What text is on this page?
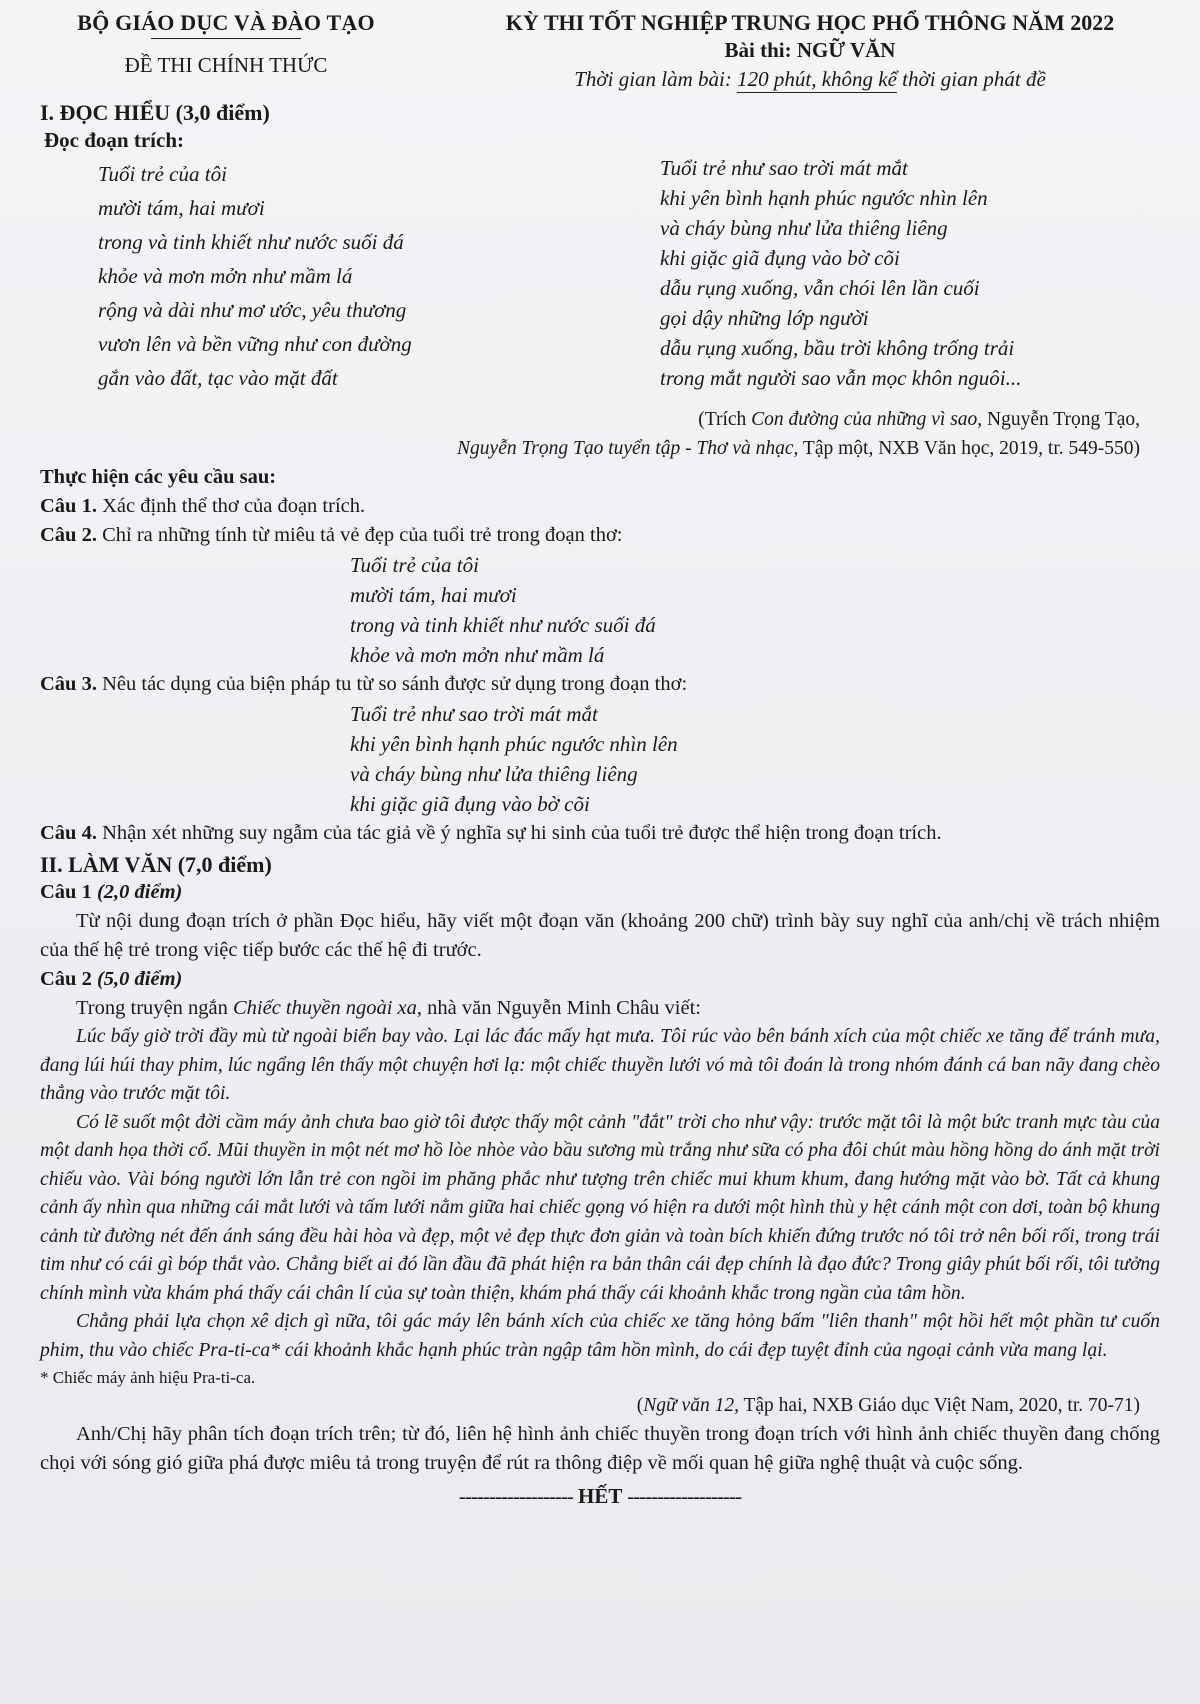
BỘ GIÁO DỤC VÀ ĐÀO TẠO
ĐỀ THI CHÍNH THỨC
KỲ THI TỐT NGHIỆP TRUNG HỌC PHỔ THÔNG NĂM 2022
Bài thi: NGỮ VĂN
Thời gian làm bài: 120 phút, không kể thời gian phát đề
I. ĐỌC HIỂU (3,0 điểm)
Đọc đoạn trích:
Tuổi trẻ của tôi
mười tám, hai mươi
trong và tinh khiết như nước suối đá
khỏe và mơn mởn như mầm lá
rộng và dài như mơ ước, yêu thương
vươn lên và bền vững như con đường
gắn vào đất, tạc vào mặt đất
Tuổi trẻ như sao trời mát mắt
khi yên bình hạnh phúc ngước nhìn lên
và cháy bùng như lửa thiêng liêng
khi giặc giã đụng vào bờ cõi
dẫu rụng xuống, vẫn chói lên lần cuối
gọi dậy những lớp người
dẫu rụng xuống, bầu trời không trống trải
trong mắt người sao vẫn mọc khôn nguôi...
(Trích Con đường của những vì sao, Nguyễn Trọng Tạo,
Nguyễn Trọng Tạo tuyển tập - Thơ và nhạc, Tập một, NXB Văn học, 2019, tr. 549-550)
Thực hiện các yêu cầu sau:
Câu 1. Xác định thể thơ của đoạn trích.
Câu 2. Chỉ ra những tính từ miêu tả vẻ đẹp của tuổi trẻ trong đoạn thơ:
Tuổi trẻ của tôi
mười tám, hai mươi
trong và tinh khiết như nước suối đá
khỏe và mơn mởn như mầm lá
Câu 3. Nêu tác dụng của biện pháp tu từ so sánh được sử dụng trong đoạn thơ:
Tuổi trẻ như sao trời mát mắt
khi yên bình hạnh phúc ngước nhìn lên
và cháy bùng như lửa thiêng liêng
khi giặc giã đụng vào bờ cõi
Câu 4. Nhận xét những suy ngẫm của tác giả về ý nghĩa sự hi sinh của tuổi trẻ được thể hiện trong đoạn trích.
II. LÀM VĂN (7,0 điểm)
Câu 1 (2,0 điểm)
Từ nội dung đoạn trích ở phần Đọc hiểu, hãy viết một đoạn văn (khoảng 200 chữ) trình bày suy nghĩ của anh/chị về trách nhiệm của thế hệ trẻ trong việc tiếp bước các thế hệ đi trước.
Câu 2 (5,0 điểm)
Trong truyện ngắn Chiếc thuyền ngoài xa, nhà văn Nguyễn Minh Châu viết:
Lúc bấy giờ trời đầy mù từ ngoài biển bay vào. Lại lác đác mấy hạt mưa. Tôi rúc vào bên bánh xích của một chiếc xe tăng để tránh mưa, đang lúi húi thay phim, lúc ngẩng lên thấy một chuyện hơi lạ: một chiếc thuyền lưới vó mà tôi đoán là trong nhóm đánh cá ban nãy đang chèo thẳng vào trước mặt tôi.
Có lẽ suốt một đời cầm máy ảnh chưa bao giờ tôi được thấy một cảnh "đắt" trời cho như vậy: trước mặt tôi là một bức tranh mực tàu của một danh họa thời cổ. Mũi thuyền in một nét mơ hồ lòe nhòe vào bầu sương mù trắng như sữa có pha đôi chút màu hồng hồng do ánh mặt trời chiếu vào. Vài bóng người lớn lẫn trẻ con ngồi im phăng phắc như tượng trên chiếc mui khum khum, đang hướng mặt vào bờ. Tất cả khung cảnh ấy nhìn qua những cái mắt lưới và tấm lưới nằm giữa hai chiếc gọng vó hiện ra dưới một hình thù y hệt cánh một con dơi, toàn bộ khung cảnh từ đường nét đến ánh sáng đều hài hòa và đẹp, một vẻ đẹp thực đơn giản và toàn bích khiến đứng trước nó tôi trở nên bối rối, trong trái tim như có cái gì bóp thắt vào. Chẳng biết ai đó lần đầu đã phát hiện ra bản thân cái đẹp chính là đạo đức? Trong giây phút bối rối, tôi tưởng chính mình vừa khám phá thấy cái chân lí của sự toàn thiện, khám phá thấy cái khoảnh khắc trong ngần của tâm hồn.
Chẳng phải lựa chọn xê dịch gì nữa, tôi gác máy lên bánh xích của chiếc xe tăng hỏng bấm "liên thanh" một hồi hết một phần tư cuốn phim, thu vào chiếc Pra-ti-ca* cái khoảnh khắc hạnh phúc tràn ngập tâm hồn mình, do cái đẹp tuyệt đỉnh của ngoại cảnh vừa mang lại.
* Chiếc máy ảnh hiệu Pra-ti-ca.
(Ngữ văn 12, Tập hai, NXB Giáo dục Việt Nam, 2020, tr. 70-71)
Anh/Chị hãy phân tích đoạn trích trên; từ đó, liên hệ hình ảnh chiếc thuyền trong đoạn trích với hình ảnh chiếc thuyền đang chống chọi với sóng gió giữa phá được miêu tả trong truyện để rút ra thông điệp về mối quan hệ giữa nghệ thuật và cuộc sống.
------------------- HẾT -------------------
